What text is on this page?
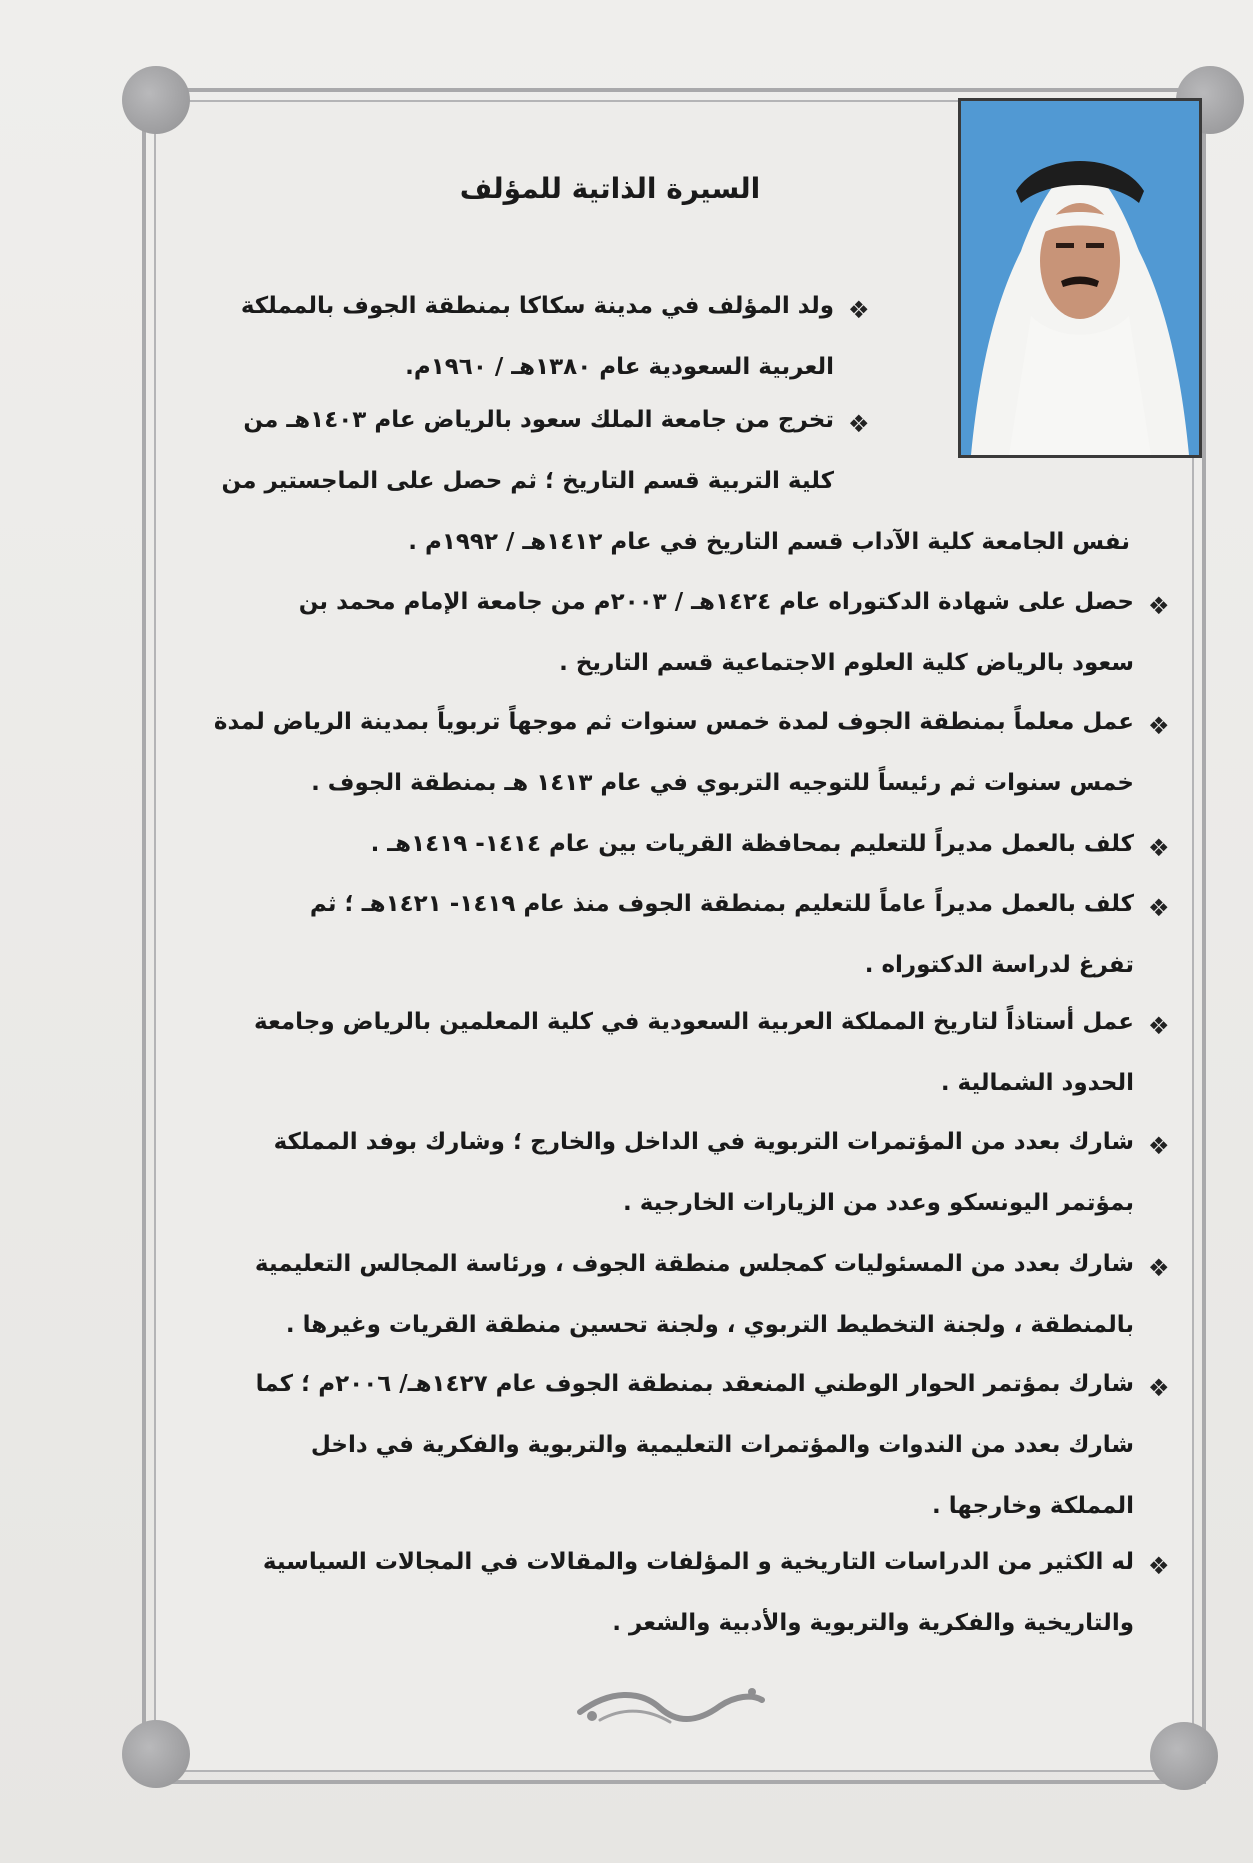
السيرة الذاتية للمؤلف
❖
ولد المؤلف في مدينة سكاكا بمنطقة الجوف بالمملكة
العربية السعودية عام ١٣٨٠هـ / ١٩٦٠م.
❖
تخرج من جامعة الملك سعود بالرياض عام ١٤٠٣هـ من
كلية التربية قسم التاريخ ؛ ثم حصل على الماجستير من
نفس الجامعة كلية الآداب قسم التاريخ في عام ١٤١٢هـ / ١٩٩٢م .
❖
حصل على شهادة الدكتوراه عام ١٤٢٤هـ / ٢٠٠٣م من جامعة الإمام محمد بن
سعود بالرياض كلية العلوم الاجتماعية قسم التاريخ .
❖
عمل معلماً بمنطقة الجوف لمدة خمس سنوات ثم موجهاً تربوياً بمدينة الرياض لمدة
خمس سنوات ثم رئيساً للتوجيه التربوي في عام ١٤١٣ هـ بمنطقة الجوف .
❖
كلف بالعمل مديراً للتعليم بمحافظة القريات بين عام ١٤١٤- ١٤١٩هـ .
❖
كلف بالعمل مديراً عاماً للتعليم بمنطقة الجوف منذ عام ١٤١٩- ١٤٢١هـ ؛ ثم
تفرغ لدراسة الدكتوراه .
❖
عمل أستاذاً لتاريخ المملكة العربية السعودية في كلية المعلمين بالرياض وجامعة
الحدود الشمالية .
❖
شارك بعدد من المؤتمرات التربوية في الداخل والخارج ؛ وشارك بوفد المملكة
بمؤتمر اليونسكو وعدد من الزيارات الخارجية .
❖
شارك بعدد من المسئوليات كمجلس منطقة الجوف ، ورئاسة المجالس التعليمية
بالمنطقة ، ولجنة التخطيط التربوي ، ولجنة تحسين منطقة القريات وغيرها .
❖
شارك بمؤتمر الحوار الوطني المنعقد بمنطقة الجوف عام ١٤٢٧هـ/ ٢٠٠٦م ؛ كما
شارك بعدد من الندوات والمؤتمرات التعليمية والتربوية والفكرية في داخل
المملكة وخارجها .
❖
له الكثير من الدراسات التاريخية و المؤلفات والمقالات في المجالات السياسية
والتاريخية والفكرية والتربوية والأدبية والشعر .
